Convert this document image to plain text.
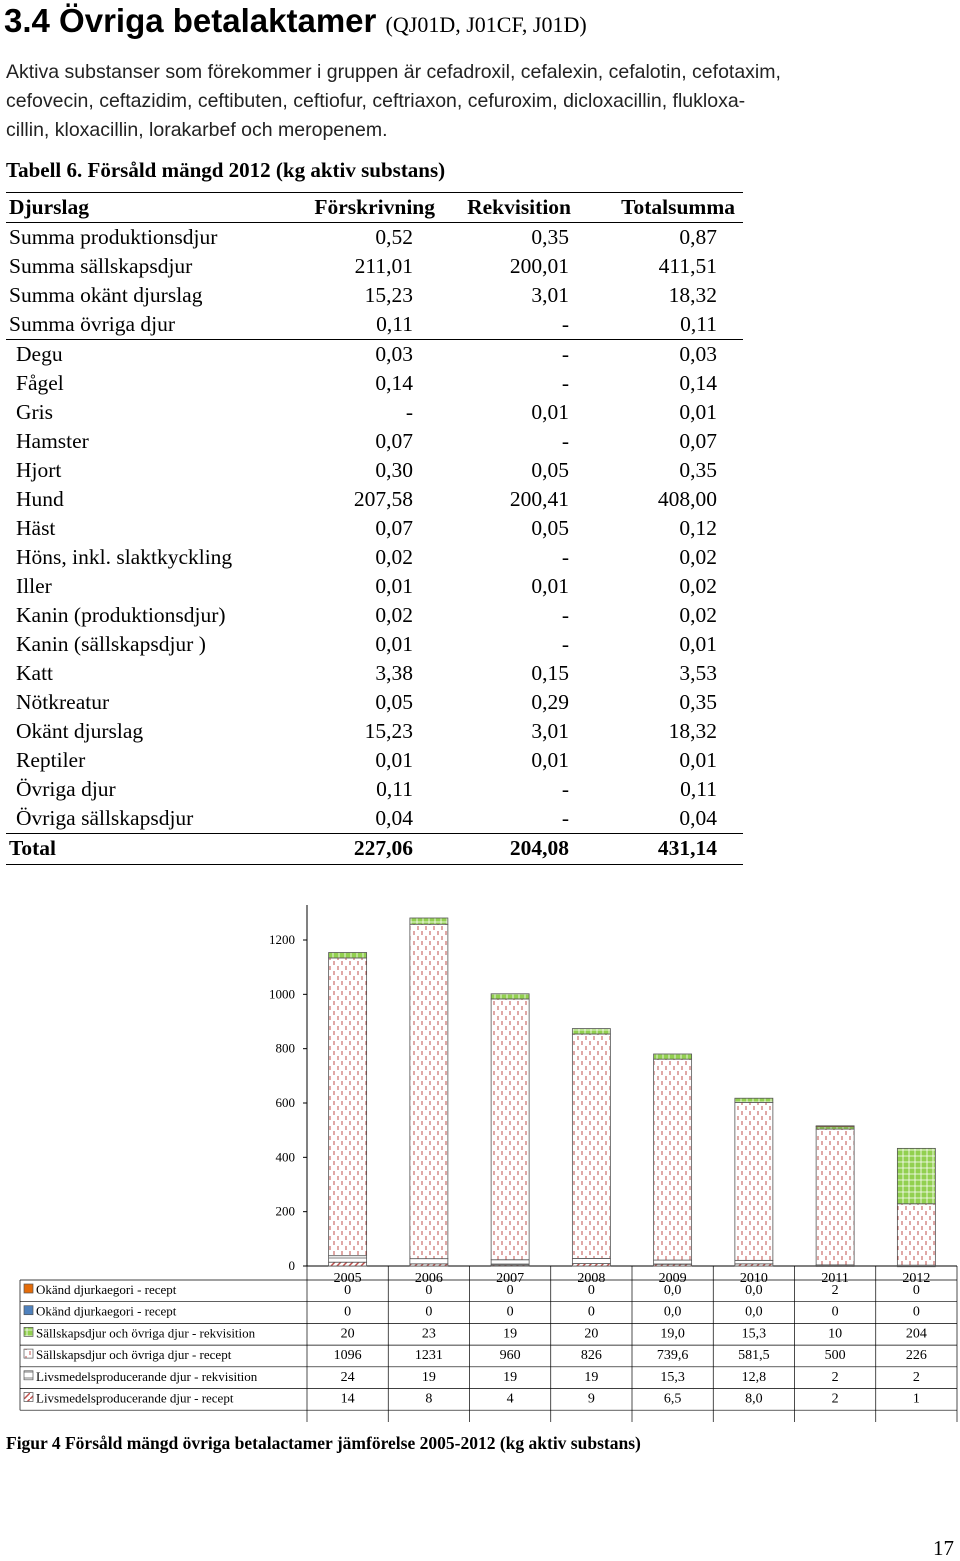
3.4 Övriga betalaktamer (QJ01D, J01CF, J01D)
Aktiva substanser som förekommer i gruppen är cefadroxil, cefalexin, cefalotin, cefotaxim,
cefovecin, ceftazidim, ceftibuten, ceftiofur, ceftriaxon, cefuroxim, dicloxacillin, flukloxa-
cillin, kloxacillin, lorakarbef och meropenem.
Tabell 6. Försåld mängd 2012 (kg aktiv substans)
Djurslag	Förskrivning Rekvisition Totalsumma
Summa produktionsdjur	0,52	0,35	0,87
Summa sällskapsdjur	211,01	200,01	411,51
Summa okänt djurslag	15,23	3,01	18,32
Summa övriga djur	0,11	-	0,11
Degu	0,03	-	0,03
Fågel	0,14	-	0,14
Gris	-	0,01	0,01
Hamster	0,07	-	0,07
Hjort	0,30	0,05	0,35
Hund	207,58	200,41	408,00
Häst	0,07	0,05	0,12
Höns, inkl. slaktkyckling	0,02	-	0,02
Iller	0,01	0,01	0,02
Kanin (produktionsdjur)	0,02	-	0,02
Kanin (sällskapsdjur )	0,01	-	0,01
Katt	3,38	0,15	3,53
Nötkreatur	0,05	0,29	0,35
Okänt djurslag	15,23	3,01	18,32
Reptiler	0,01	0,01	0,01
Övriga djur	0,11	-	0,11
Övriga sällskapsdjur	0,04	-	0,04
Total	227,06	204,08	431,14
0
200
400
600
800
1000
1200
2005	2006	2007	2008	2009	2010	2011	2012
Okänd djurkaegori - recept	0	0	0	0	0,0	0,0	2	0
Okänd djurkaegori - recept	0	0	0	0	0,0	0,0	0	0
Sällskapsdjur och övriga djur - rekvisition	20	23	19	20	19,0	15,3	10	204
Sällskapsdjur och övriga djur - recept	1096	1231	960	826	739,6	581,5	500	226
Livsmedelsproducerande djur - rekvisition	24	19	19	19	15,3	12,8	2	2
Livsmedelsproducerande djur - recept	14	8	4	9	6,5	8,0	2	1
Figur 4 Försåld mängd övriga betalactamer jämförelse 2005-2012 (kg aktiv substans)
17
